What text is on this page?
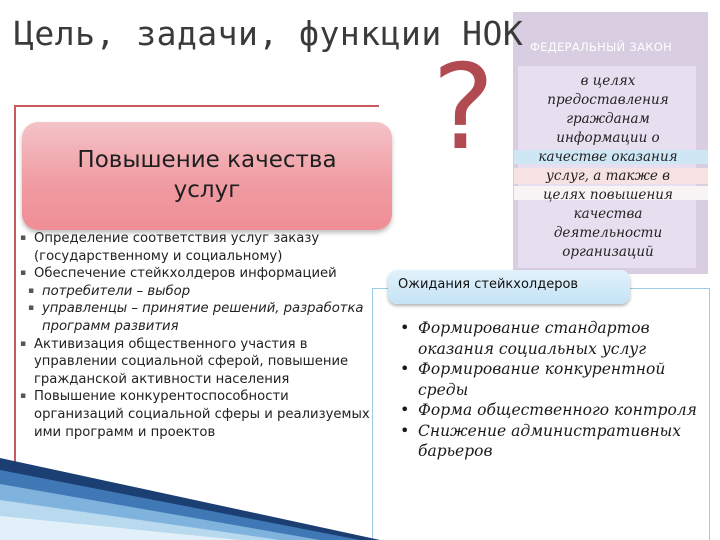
Цель, задачи, функции НОК
Повышение качества услуг
▪ Определение соответствия услуг заказу (государственному и социальному)
▪ Обеспечение стейкхолдеров информацией
▪ потребители – выбор
▪ управленцы – принятие решений, разработка программ развития
▪ Активизация общественного участия в управлении социальной сферой, повышение гражданской активности населения
▪ Повышение конкурентоспособности организаций социальной сферы и реализуемых ими программ и проектов
ФЕДЕРАЛЬНЫЙ ЗАКОН
в целях предоставления гражданам информации о качестве оказания услуг, а также в целях повышения качества деятельности организаций
?
Ожидания стейкхолдеров
• Формирование стандартов оказания социальных услуг
• Формирование конкурентной среды
• Форма общественного контроля
• Снижение административных барьеров
